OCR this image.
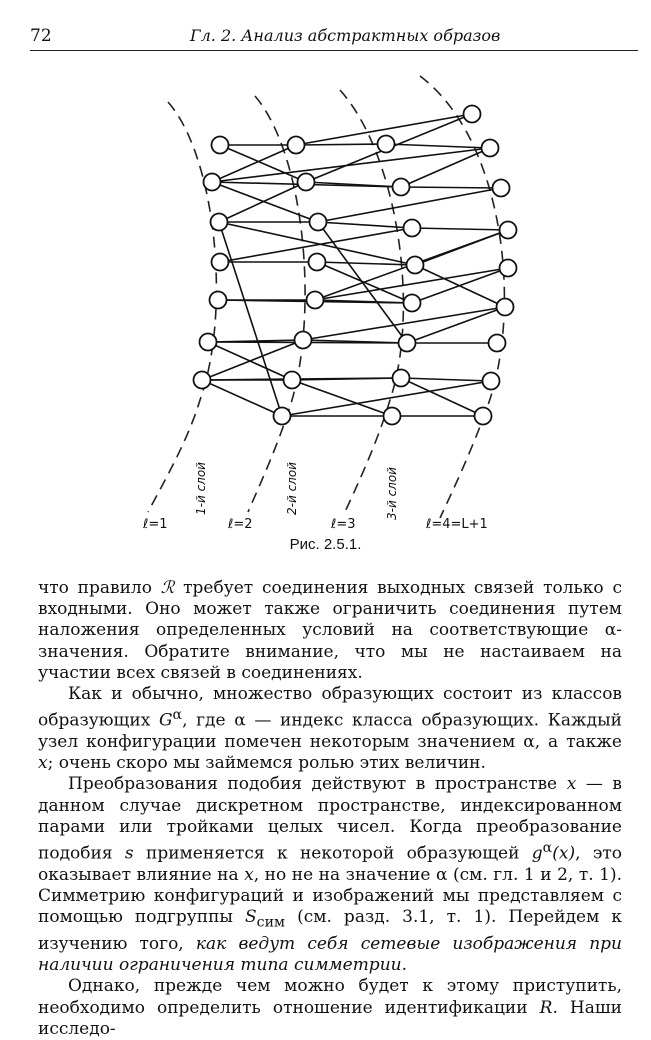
72	Гл. 2. Анализ абстрактных образов
ℓ=1	ℓ=2	ℓ=3	ℓ=4=L+1
1-й слой	2-й слой	3-й слой
Рис. 2.5.1.

что правило ℛ требует соединения выходных связей только с входными. Оно может также ограничить соединения путем наложения определенных условий на соответствующие α-значения. Обратите внимание, что мы не настаиваем на участии всех связей в соединениях.

Как и обычно, множество образующих состоит из классов образующих $G^\alpha$, где α — индекс класса образующих. Каждый узел конфигурации помечен некоторым значением α, а также x; очень скоро мы займемся ролью этих величин.

Преобразования подобия действуют в пространстве x — в данном случае дискретном пространстве, индексированном парами или тройками целых чисел. Когда преобразование подобия s применяется к некоторой образующей $g^\alpha(x)$, это оказывает влияние на x, но не на значение α (см. гл. 1 и 2, т. 1). Симметрию конфигураций и изображений мы представляем с помощью подгруппы $S_{сим}$ (см. разд. 3.1, т. 1). Перейдем к изучению того, как ведут себя сетевые изображения при наличии ограничения типа симметрии.

Однако, прежде чем можно будет к этому приступить, необходимо определить отношение идентификации R. Наши исследо-
